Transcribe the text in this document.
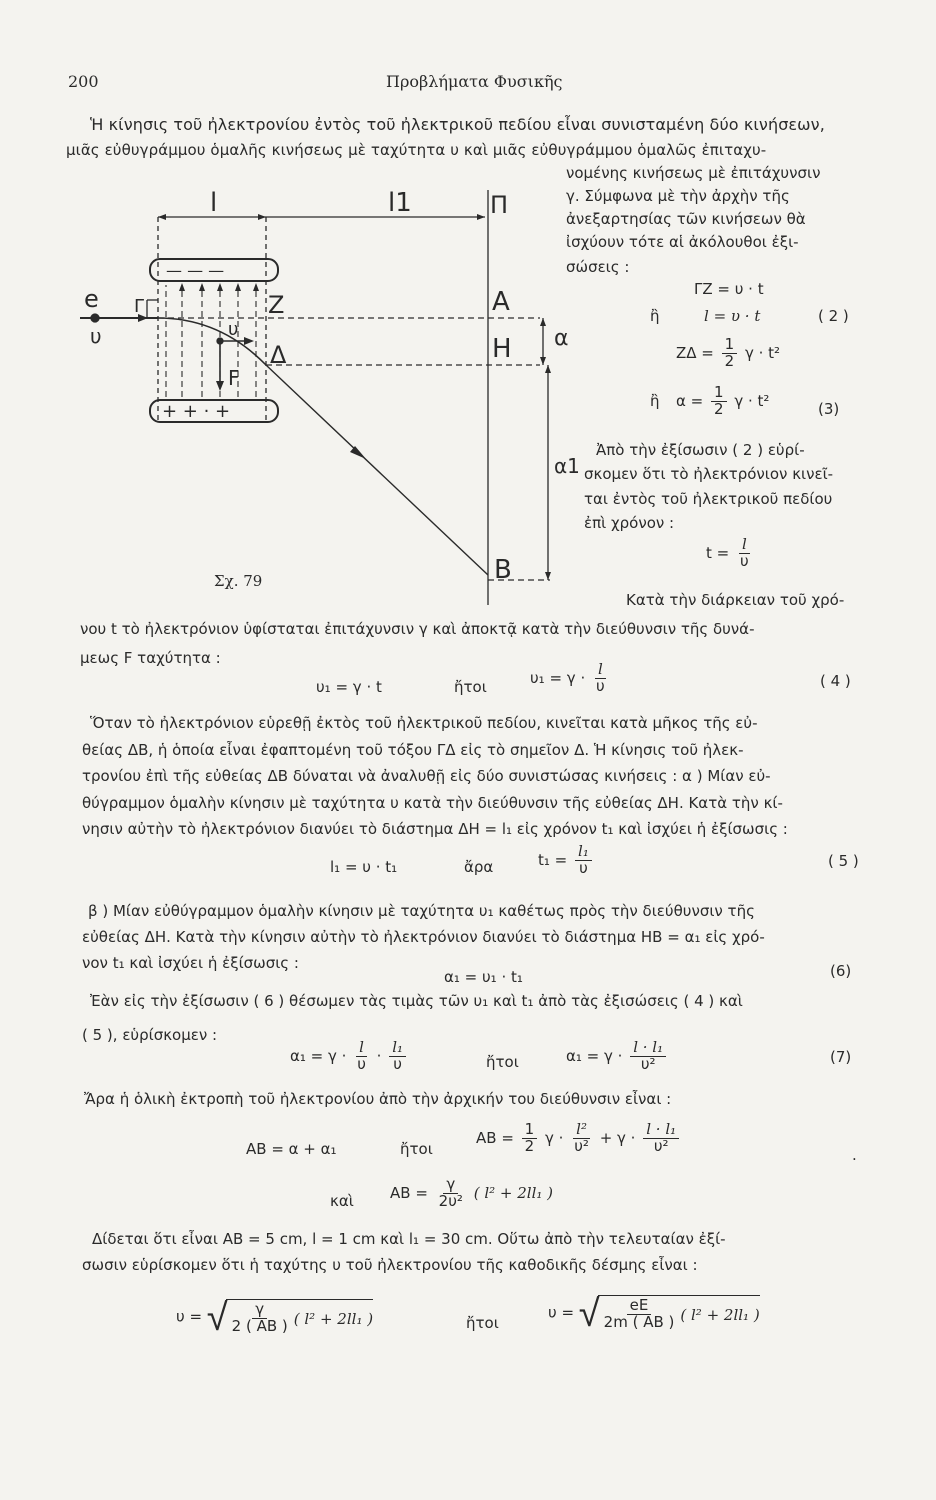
200	Προβλήματα Φυσικῆς
Ἡ κίνησις τοῦ ἠλεκτρονίου ἐντὸς τοῦ ἠλεκτρικοῦ πεδίου εἶναι συνισταμένη δύο κινήσεων,
μιᾶς εὐθυγράμμου ὁμαλῆς κινήσεως μὲ ταχύτητα υ καὶ μιᾶς εὐθυγράμμου ὁμαλῶς ἐπιταχυ-
νομένης κινήσεως μὲ ἐπιτάχυνσιν
γ. Σύμφωνα μὲ τὴν ἀρχὴν τῆς
ἀνεξαρτησίας τῶν κινήσεων θὰ
ἰσχύουν τότε αἱ ἀκόλουθοι ἐξι-
σώσεις :
ΓΖ = υ · t
ἢ	l = υ · t	( 2 )
$Z\Delta = \frac{1}{2}$ γ · t²
ἢ $\alpha = \frac{1}{2}$ γ · t²	(3)
Ἀπὸ τὴν ἐξίσωσιν ( 2 ) εὑρί-
σκομεν ὅτι τὸ ἠλεκτρόνιον κινεῖ-
ται ἐντὸς τοῦ ἠλεκτρικοῦ πεδίου
ἐπὶ χρόνον :
$t = \frac{l}{\upsilon}$
l	l1	Π
e
υ
Z	A
α
υ
Δ	H
F
α1
B
— — —
+ + · +
Γ
Σχ. 79
Κατὰ τὴν διάρκειαν τοῦ χρό-
νου t τὸ ἠλεκτρόνιον ὑφίσταται ἐπιτάχυνσιν γ καὶ ἀποκτᾷ κατὰ τὴν διεύθυνσιν τῆς δυνά-
μεως F ταχύτητα :
υ₁ = γ · t	ἤτοι
$\upsilon_1 = \gamma \cdot \frac{l}{\upsilon}$	( 4 )
Ὅταν τὸ ἠλεκτρόνιον εὑρεθῇ ἐκτὸς τοῦ ἠλεκτρικοῦ πεδίου, κινεῖται κατὰ μῆκος τῆς εὐ-
θείας ΔΒ, ἡ ὁποία εἶναι ἐφαπτομένη τοῦ τόξου ΓΔ εἰς τὸ σημεῖον Δ. Ἡ κίνησις τοῦ ἠλεκ-
τρονίου ἐπὶ τῆς εὐθείας ΔΒ δύναται νὰ ἀναλυθῇ εἰς δύο συνιστώσας κινήσεις : α ) Μίαν εὐ-
θύγραμμον ὁμαλὴν κίνησιν μὲ ταχύτητα υ κατὰ τὴν διεύθυνσιν τῆς εὐθείας ΔΗ. Κατὰ τὴν κί-
νησιν αὐτὴν τὸ ἠλεκτρόνιον διανύει τὸ διάστημα ΔΗ = l₁ εἰς χρόνον t₁ καὶ ἰσχύει ἡ ἐξίσωσις :
l₁ = υ · t₁	ἄρα	$t_1 = \frac{\text{l₁}}{\upsilon}$	( 5 )
β ) Μίαν εὐθύγραμμον ὁμαλὴν κίνησιν μὲ ταχύτητα υ₁ καθέτως πρὸς τὴν διεύθυνσιν τῆς
εὐθείας ΔΗ. Κατὰ τὴν κίνησιν αὐτὴν τὸ ἠλεκτρόνιον διανύει τὸ διάστημα ΗΒ = α₁ εἰς χρό-
νον t₁ καὶ ἰσχύει ἡ ἐξίσωσις :
α₁ = υ₁ · t₁	(6)
Ἐὰν εἰς τὴν ἐξίσωσιν ( 6 ) θέσωμεν τὰς τιμὰς τῶν υ₁ καὶ t₁ ἀπὸ τὰς ἐξισώσεις ( 4 ) καὶ
( 5 ), εὑρίσκομεν :
$\alpha_1 = \gamma \cdot \frac{l}{\upsilon} \cdot \frac{\text{l₁}}{\upsilon}$	ἤτοι	$\alpha_1 = \gamma \cdot \frac{\text{l · l₁}}{\text{υ²}}$	(7)
Ἄρα ἡ ὁλικὴ ἐκτροπὴ τοῦ ἠλεκτρονίου ἀπὸ τὴν ἀρχικήν του διεύθυνσιν εἶναι :
AB = α + α₁	ἤτοι
AB = $\frac{1}{2}$ $\gamma \cdot \frac{\text{l²}}{\text{υ²}} + \gamma \cdot \frac{\text{l · l₁}}{\text{υ²}}$
.
καὶ AB = $\frac{\gamma}{\text{2υ²}}$ ( l² + 2ll₁ )
Δίδεται ὅτι εἶναι AB = 5 cm, l = 1 cm καὶ l₁ = 30 cm. Οὕτω ἀπὸ τὴν τελευταίαν ἐξί-
σωσιν εὑρίσκομεν ὅτι ἡ ταχύτης υ τοῦ ἠλεκτρονίου τῆς καθοδικῆς δέσμης εἶναι :
υ = √ $\frac{\gamma}{2 ( AB )}$ ( l² + 2ll₁ )	ἤτοι
υ = √ $\frac{eE}{2m ( AB )}$ ( l² + 2ll₁ )
